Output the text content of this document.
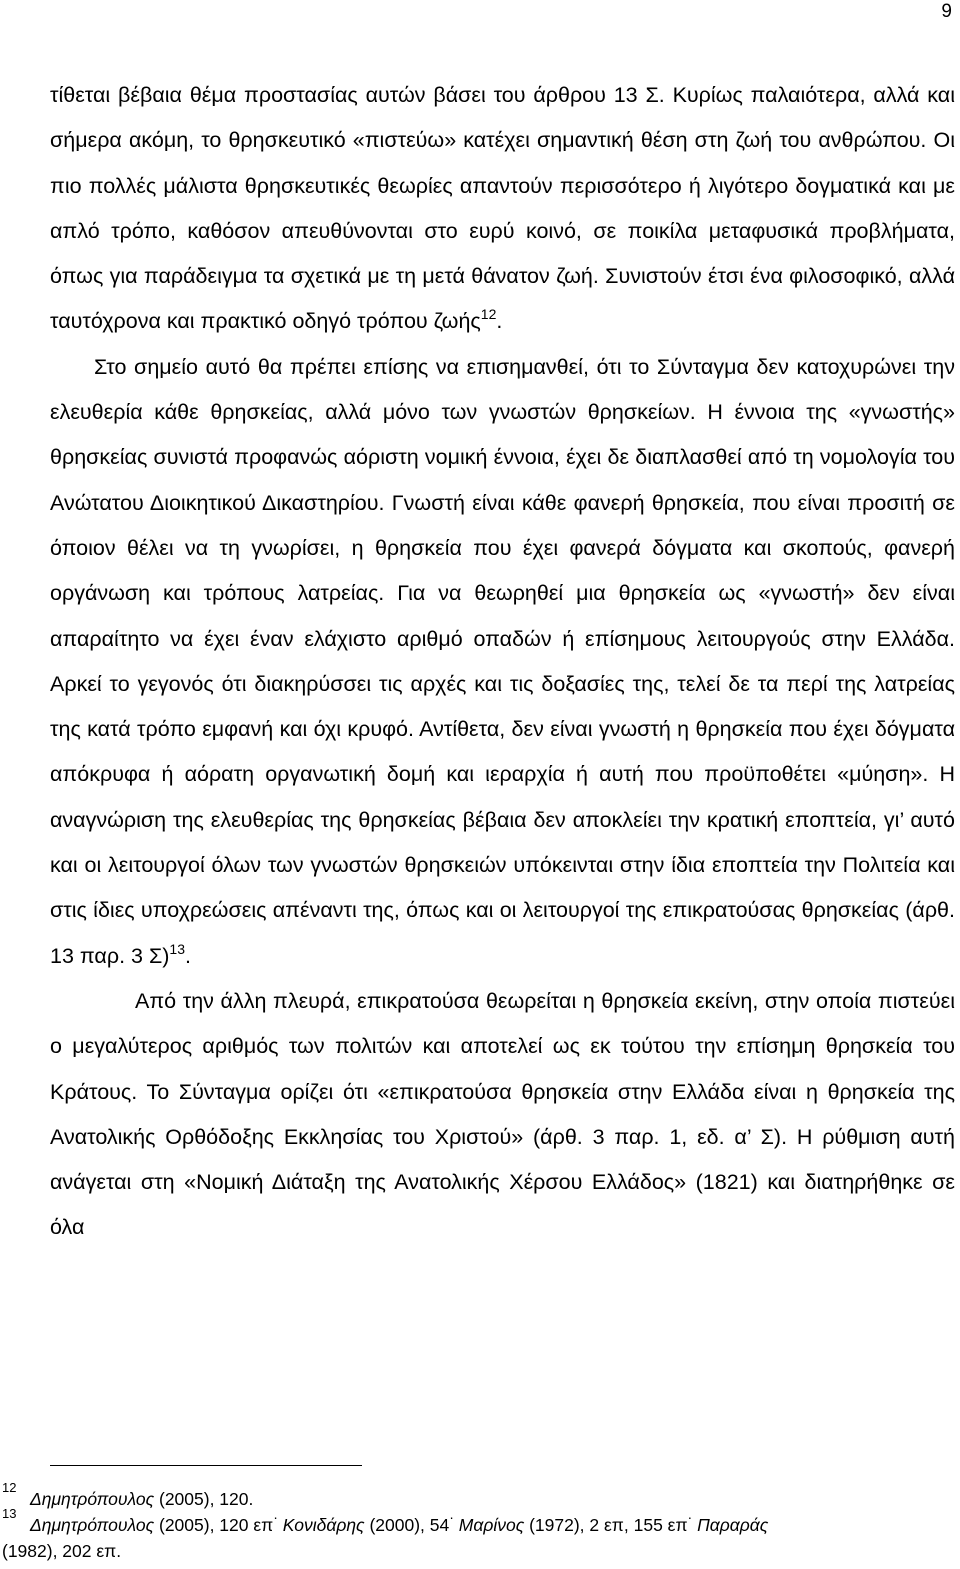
9

τίθεται βέβαια θέμα προστασίας αυτών βάσει του άρθρου 13 Σ. Κυρίως παλαιότερα, αλλά και σήμερα ακόμη, το θρησκευτικό «πιστεύω» κατέχει σημαντική θέση στη ζωή του ανθρώπου. Οι πιο πολλές μάλιστα θρησκευτικές θεωρίες απαντούν περισσότερο ή λιγότερο δογματικά και με απλό τρόπο, καθόσον απευθύνονται στο ευρύ κοινό, σε ποικίλα μεταφυσικά προβλήματα, όπως για παράδειγμα τα σχετικά με τη μετά θάνατον ζωή. Συνιστούν έτσι ένα φιλοσοφικό, αλλά ταυτόχρονα και πρακτικό οδηγό τρόπου ζωής$^{12}$.

Στο σημείο αυτό θα πρέπει επίσης να επισημανθεί, ότι το Σύνταγμα δεν κατοχυρώνει την ελευθερία κάθε θρησκείας, αλλά μόνο των γνωστών θρησκείων. Η έννοια της «γνωστής» θρησκείας συνιστά προφανώς αόριστη νομική έννοια, έχει δε διαπλασθεί από τη νομολογία του Ανώτατου Διοικητικού Δικαστηρίου. Γνωστή είναι κάθε φανερή θρησκεία, που είναι προσιτή σε όποιον θέλει να τη γνωρίσει, η θρησκεία που έχει φανερά δόγματα και σκοπούς, φανερή οργάνωση και τρόπους λατρείας. Για να θεωρηθεί μια θρησκεία ως «γνωστή» δεν είναι απαραίτητο να έχει έναν ελάχιστο αριθμό οπαδών ή επίσημους λειτουργούς στην Ελλάδα. Αρκεί το γεγονός ότι διακηρύσσει τις αρχές και τις δοξασίες της, τελεί δε τα περί της λατρείας της κατά τρόπο εμφανή και όχι κρυφό. Αντίθετα, δεν είναι γνωστή η θρησκεία που έχει δόγματα απόκρυφα ή αόρατη οργανωτική δομή και ιεραρχία ή αυτή που προϋποθέτει «μύηση». Η αναγνώριση της ελευθερίας της θρησκείας βέβαια δεν αποκλείει την κρατική εποπτεία, γι’ αυτό και οι λειτουργοί όλων των γνωστών θρησκειών υπόκεινται στην ίδια εποπτεία την Πολιτεία και στις ίδιες υποχρεώσεις απέναντι της, όπως και οι λειτουργοί της επικρατούσας θρησκείας (άρθ. 13 παρ. 3 Σ)$^{13}$.

Από την άλλη πλευρά, επικρατούσα θεωρείται η θρησκεία εκείνη, στην οποία πιστεύει ο μεγαλύτερος αριθμός των πολιτών και αποτελεί ως εκ τούτου την επίσημη θρησκεία του Κράτους. Το Σύνταγμα ορίζει ότι «επικρατούσα θρησκεία στην Ελλάδα είναι η θρησκεία της Ανατολικής Ορθόδοξης Εκκλησίας του Χριστού» (άρθ. 3 παρ. 1, εδ. α’ Σ). Η ρύθμιση αυτή ανάγεται στη «Νομική Διάταξη της Ανατολικής Χέρσου Ελλάδος» (1821) και διατηρήθηκε σε όλα

12
Δημητρόπουλος (2005), 120.
13
Δημητρόπουλος (2005), 120 επ· Κονιδάρης (2000), 54· Μαρίνος (1972), 2 επ, 155 επ· Παραράς
(1982), 202 επ.
